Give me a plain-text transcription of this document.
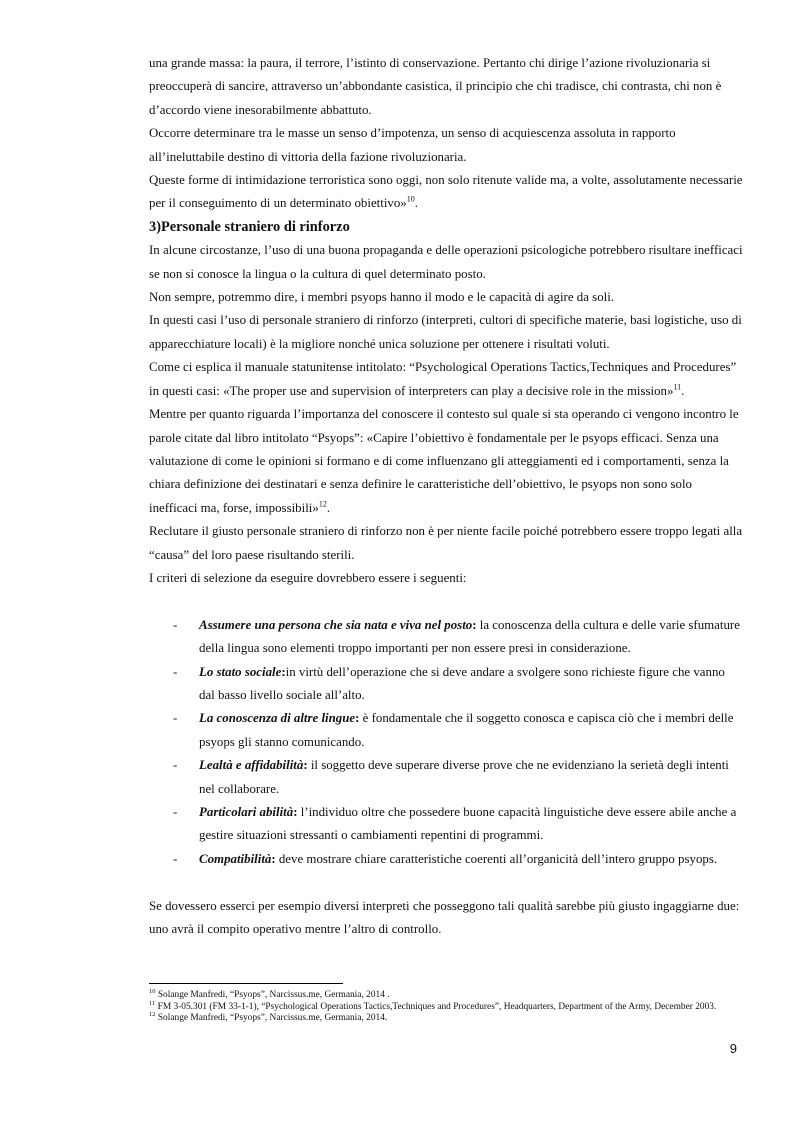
una grande massa: la paura, il terrore, l’istinto di conservazione. Pertanto chi dirige l’azione rivoluzionaria si preoccuperà di sancire, attraverso un’abbondante casistica, il principio che chi tradisce, chi contrasta, chi non è d’accordo viene inesorabilmente abbattuto.

Occorre determinare tra le masse un senso d’impotenza, un senso di acquiescenza assoluta in rapporto all’ineluttabile destino di vittoria della fazione rivoluzionaria.

Queste forme di intimidazione terroristica sono oggi, non solo ritenute valide ma, a volte, assolutamente necessarie per il conseguimento di un determinato obiettivo»$^{10}$.

3)Personale straniero di rinforzo

In alcune circostanze, l’uso di una buona propaganda e delle operazioni psicologiche potrebbero risultare inefficaci se non si conosce la lingua o la cultura di quel determinato posto.

Non sempre, potremmo dire, i membri psyops hanno il modo e le capacità di agire da soli.

In questi casi l’uso di personale straniero di rinforzo (interpreti, cultori di specifiche materie, basi logistiche, uso di apparecchiature locali) è la migliore nonché unica soluzione per ottenere i risultati voluti.

Come ci esplica il manuale statunitense intitolato: “Psychological Operations Tactics,Techniques and Procedures” in questi casi: «The proper use and supervision of interpreters can play a decisive role in the mission»$^{11}$.

Mentre per quanto riguarda l’importanza del conoscere il contesto sul quale si sta operando ci vengono incontro le parole citate dal libro intitolato “Psyops”: «Capire l’obiettivo è fondamentale per le psyops efficaci. Senza una valutazione di come le opinioni si formano e di come influenzano gli atteggiamenti ed i comportamenti, senza la chiara definizione dei destinatari e senza definire le caratteristiche dell’obiettivo, le psyops non sono solo inefficaci ma, forse, impossibili»$^{12}$.

Reclutare il giusto personale straniero di rinforzo non è per niente facile poiché potrebbero essere troppo legati alla “causa” del loro paese risultando sterili.

I criteri di selezione da eseguire dovrebbero essere i seguenti:

- Assumere una persona che sia nata e viva nel posto: la conoscenza della cultura e delle varie sfumature della lingua sono elementi troppo importanti per non essere presi in considerazione.
- Lo stato sociale:in virtù dell’operazione che si deve andare a svolgere sono richieste figure che vanno dal basso livello sociale all’alto.
- La conoscenza di altre lingue: è fondamentale che il soggetto conosca e capisca ciò che i membri delle psyops gli stanno comunicando.
- Lealtà e affidabilità: il soggetto deve superare diverse prove che ne evidenziano la serietà degli intenti nel collaborare.
- Particolari abilità: l’individuo oltre che possedere buone capacità linguistiche deve essere abile anche a gestire situazioni stressanti o cambiamenti repentini di programmi.
- Compatibilità: deve mostrare chiare caratteristiche coerenti all’organicità dell’intero gruppo psyops.

Se dovessero esserci per esempio diversi interpreti che posseggono tali qualità sarebbe più giusto ingaggiarne due: uno avrà il compito operativo mentre l’altro di controllo.

$^{10}$ Solange Manfredi, “Psyops”, Narcissus.me, Germania, 2014 .

$^{11}$ FM 3-05.301 (FM 33-1-1), “Psychological Operations Tactics,Techniques and Procedures”, Headquarters, Department of the Army, December 2003.

$^{12}$ Solange Manfredi, “Psyops”, Narcissus.me, Germania, 2014.

9
